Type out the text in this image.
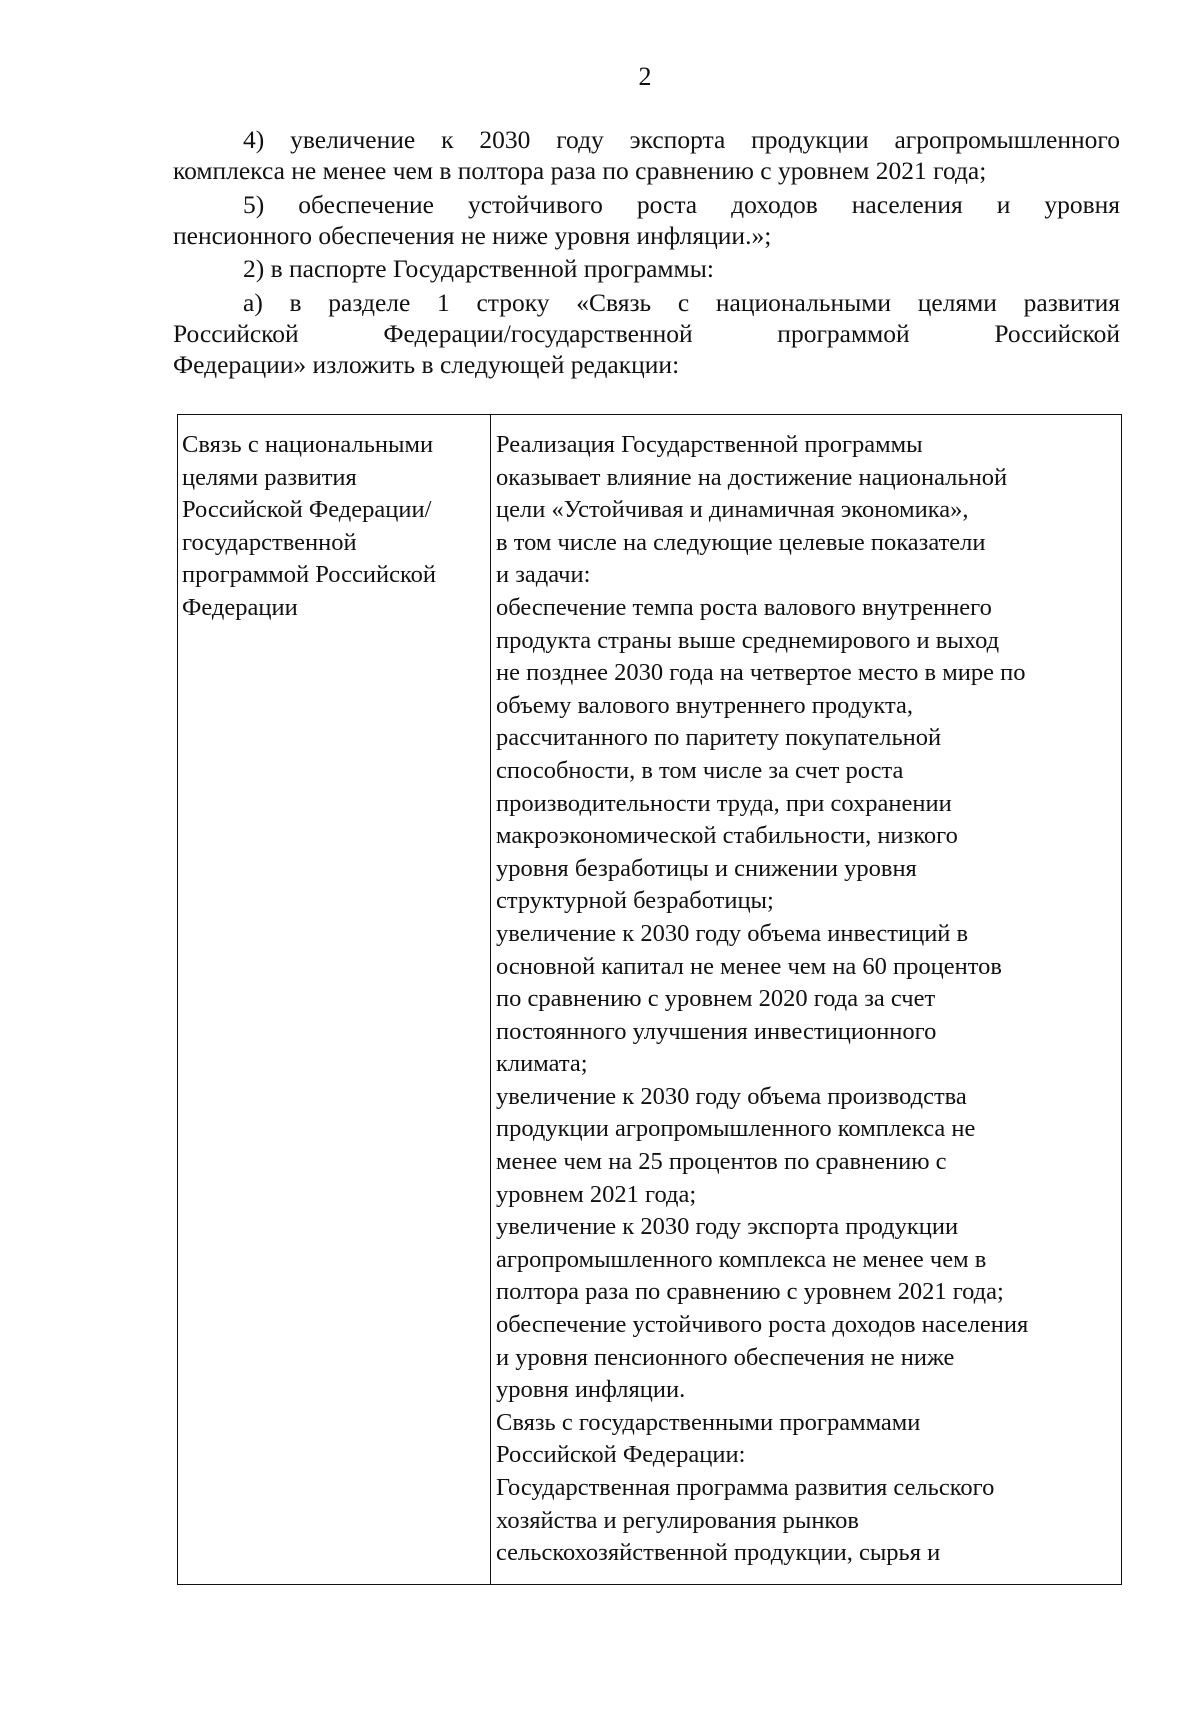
2
4) увеличение к 2030 году экспорта продукции агропромышленного
комплекса не менее чем в полтора раза по сравнению с уровнем 2021 года;
5) обеспечение устойчивого роста доходов населения и уровня
пенсионного обеспечения не ниже уровня инфляции.»;
2) в паспорте Государственной программы:
а) в разделе 1 строку «Связь с национальными целями развития
Российской Федерации/государственной программой Российской
Федерации» изложить в следующей редакции:
Связь с национальными
целями развития
Российской Федерации/
государственной
программой Российской
Федерации
Реализация Государственной программы
оказывает влияние на достижение национальной
цели «Устойчивая и динамичная экономика»,
в том числе на следующие целевые показатели
и задачи:
обеспечение темпа роста валового внутреннего
продукта страны выше среднемирового и выход
не позднее 2030 года на четвертое место в мире по
объему валового внутреннего продукта,
рассчитанного по паритету покупательной
способности, в том числе за счет роста
производительности труда, при сохранении
макроэкономической стабильности, низкого
уровня безработицы и снижении уровня
структурной безработицы;
увеличение к 2030 году объема инвестиций в
основной капитал не менее чем на 60 процентов
по сравнению с уровнем 2020 года за счет
постоянного улучшения инвестиционного
климата;
увеличение к 2030 году объема производства
продукции агропромышленного комплекса не
менее чем на 25 процентов по сравнению с
уровнем 2021 года;
увеличение к 2030 году экспорта продукции
агропромышленного комплекса не менее чем в
полтора раза по сравнению с уровнем 2021 года;
обеспечение устойчивого роста доходов населения
и уровня пенсионного обеспечения не ниже
уровня инфляции.
Связь с государственными программами
Российской Федерации:
Государственная программа развития сельского
хозяйства и регулирования рынков
сельскохозяйственной продукции, сырья и
